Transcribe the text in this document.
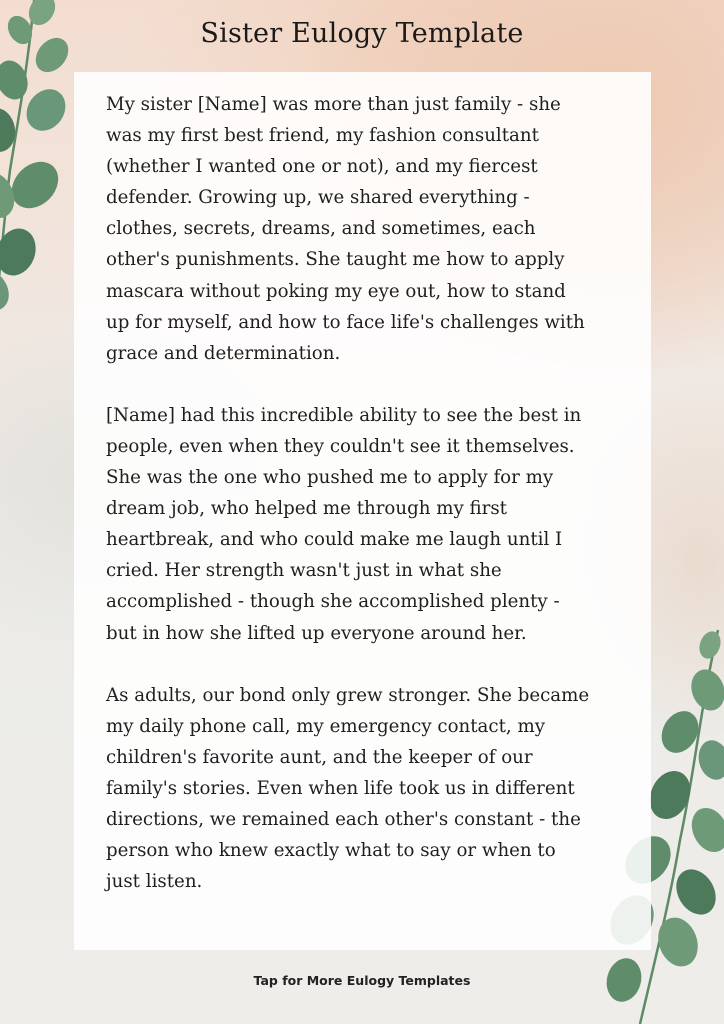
Sister Eulogy Template

My sister [Name] was more than just family - she
was my first best friend, my fashion consultant
(whether I wanted one or not), and my fiercest
defender. Growing up, we shared everything -
clothes, secrets, dreams, and sometimes, each
other's punishments. She taught me how to apply
mascara without poking my eye out, how to stand
up for myself, and how to face life's challenges with
grace and determination.

[Name] had this incredible ability to see the best in
people, even when they couldn't see it themselves.
She was the one who pushed me to apply for my
dream job, who helped me through my first
heartbreak, and who could make me laugh until I
cried. Her strength wasn't just in what she
accomplished - though she accomplished plenty -
but in how she lifted up everyone around her.

As adults, our bond only grew stronger. She became
my daily phone call, my emergency contact, my
children's favorite aunt, and the keeper of our
family's stories. Even when life took us in different
directions, we remained each other's constant - the
person who knew exactly what to say or when to
just listen.

Tap for More Eulogy Templates
